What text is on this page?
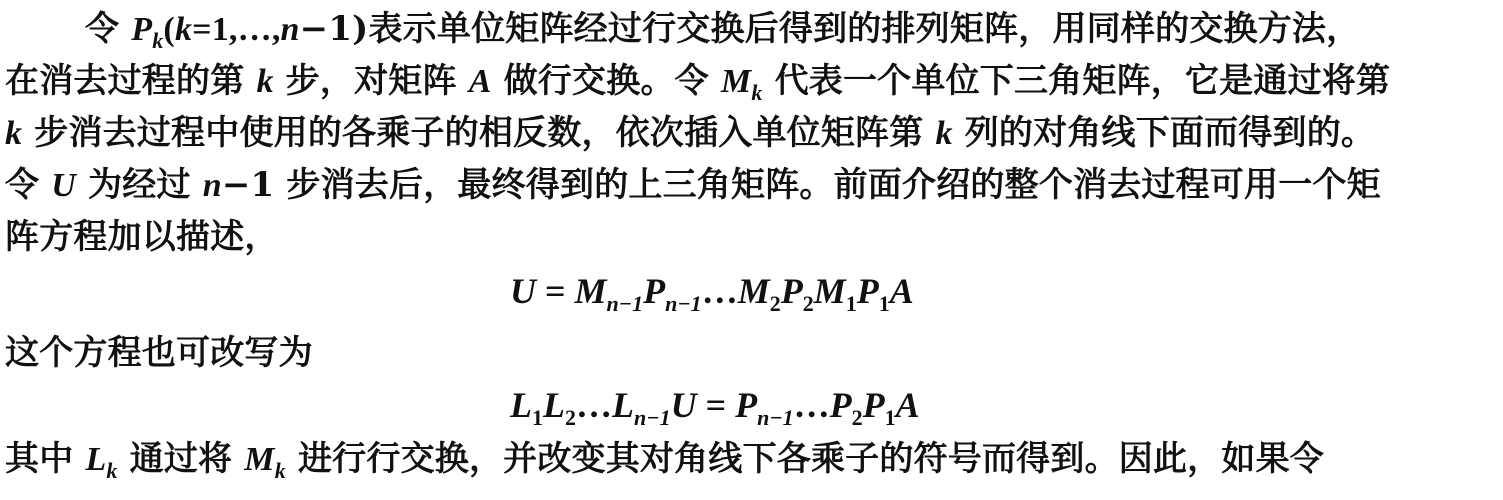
令 $P_k(k=1,\dots,n-1)$表示单位矩阵经过行交换后得到的排列矩阵，用同样的交换方法，
在消去过程的第 k 步，对矩阵 A 做行交换。令 $M_k$ 代表一个单位下三角矩阵，它是通过将第
k 步消去过程中使用的各乘子的相反数，依次插入单位矩阵第 k 列的对角线下面而得到的。
令 U 为经过 n−1 步消去后，最终得到的上三角矩阵。前面介绍的整个消去过程可用一个矩
阵方程加以描述，
$U = M_{n-1}P_{n-1}\dots M_2P_2M_1P_1A$
这个方程也可改写为
$L_1L_2\dots L_{n-1}U$ = $P_{n-1}\dots P_2P_1A$
其中 $L_k$ 通过将 $M_k$ 进行行交换，并改变其对角线下各乘子的符号而得到。因此，如果令
